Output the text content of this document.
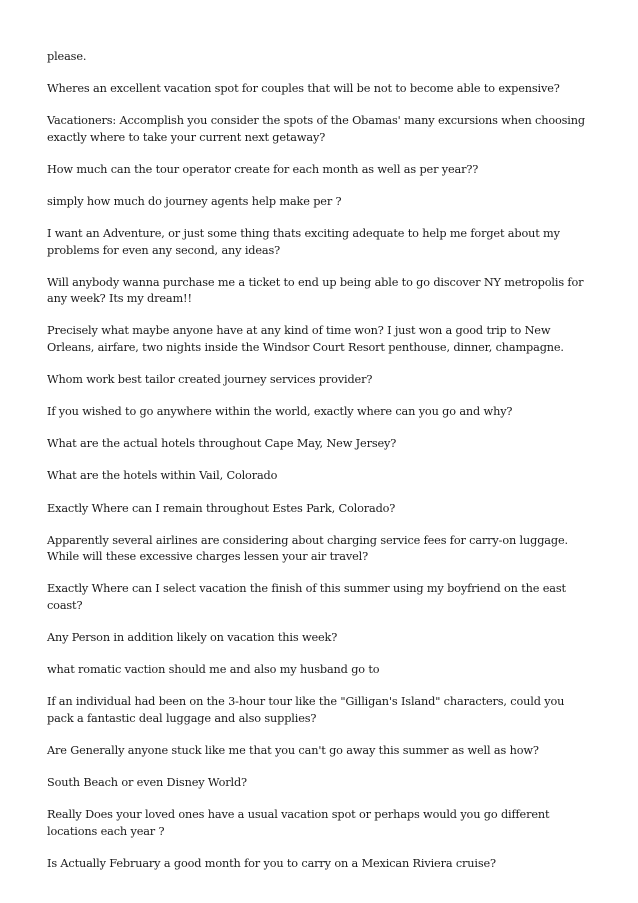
please.

Wheres an excellent vacation spot for couples that will be not to become able to expensive?

Vacationers: Accomplish you consider the spots of the Obamas' many excursions when choosing exactly where to take your current next getaway?

How much can the tour operator create for each month as well as per year??

simply how much do journey agents help make per ?

I want an Adventure, or just some thing thats exciting adequate to help me forget about my problems for even any second, any ideas?

Will anybody wanna purchase me a ticket to end up being able to go discover NY metropolis for any week? Its my dream!!

Precisely what maybe anyone have at any kind of time won? I just won a good trip to New Orleans, airfare, two nights inside the Windsor Court Resort penthouse, dinner, champagne.

Whom work best tailor created journey services provider?

If you wished to go anywhere within the world, exactly where can you go and why?

What are the actual hotels throughout Cape May, New Jersey?

What are the hotels within Vail, Colorado

Exactly Where can I remain throughout Estes Park, Colorado?

Apparently several airlines are considering about charging service fees for carry-on luggage. While will these excessive charges lessen your air travel?

Exactly Where can I select vacation the finish of this summer using my boyfriend on the east coast?

Any Person in addition likely on vacation this week?

what romatic vaction should me and also my husband go to

If an individual had been on the 3-hour tour like the "Gilligan's Island" characters, could you pack a fantastic deal luggage and also supplies?

Are Generally anyone stuck like me that you can't go away this summer as well as how?

South Beach or even Disney World?

Really Does your loved ones have a usual vacation spot or perhaps would you go different locations each year ?

Is Actually February a good month for you to carry on a Mexican Riviera cruise?
